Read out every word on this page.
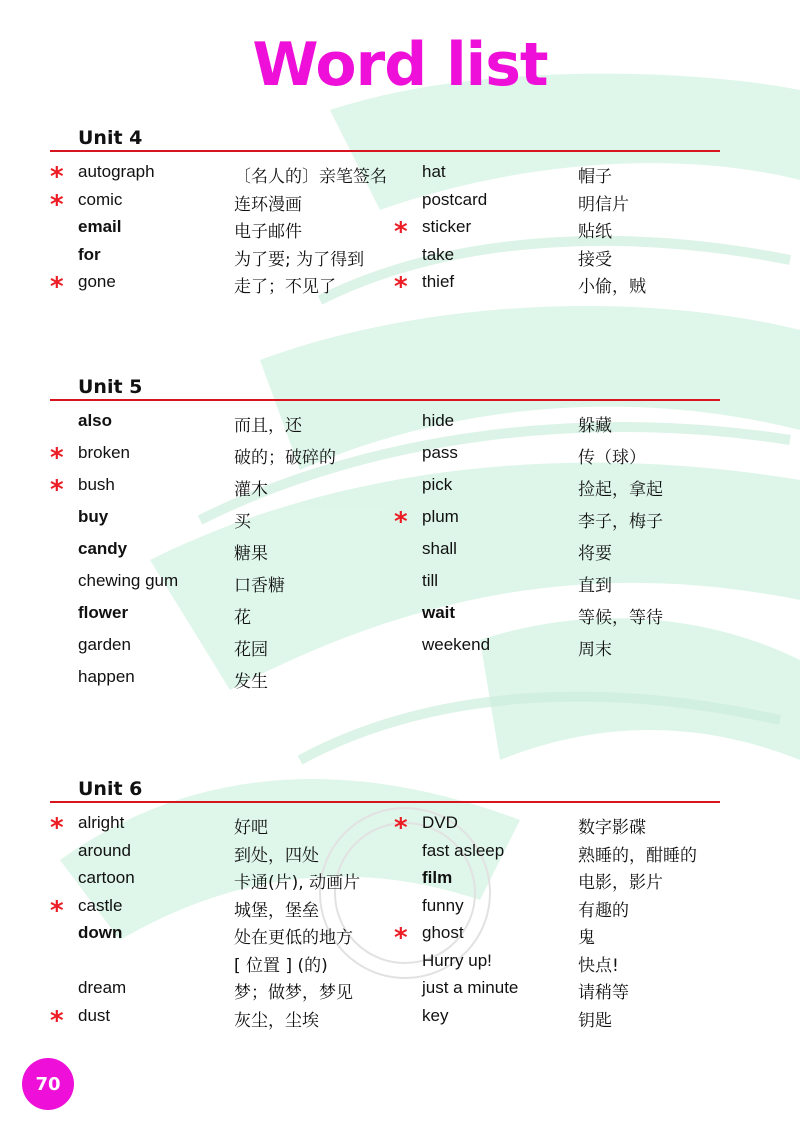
Word list
Unit 4
* autograph	〔名人的〕亲笔签名
* comic	连环漫画
email	电子邮件
for	为了要; 为了得到
* gone	走了；不见了
hat	帽子
postcard	明信片
* sticker	贴纸
take	接受
* thief	小偷，贼
Unit 5
also	而且，还
* broken	破的；破碎的
* bush	灌木
buy	买
candy	糖果
chewing gum	口香糖
flower	花
garden	花园
happen	发生
hide	躲藏
pass	传（球）
pick	捡起，拿起
* plum	李子，梅子
shall	将要
till	直到
wait	等候，等待
weekend	周末
Unit 6
* alright	好吧
around	到处，四处
cartoon	卡通(片), 动画片
* castle	城堡，堡垒
down	处在更低的地方
[ 位置 ] (的)
dream	梦；做梦，梦见
* dust	灰尘，尘埃
* DVD	数字影碟
fast asleep	熟睡的，酣睡的
film	电影，影片
funny	有趣的
* ghost	鬼
Hurry up!	快点!
just a minute	请稍等
key	钥匙
70
